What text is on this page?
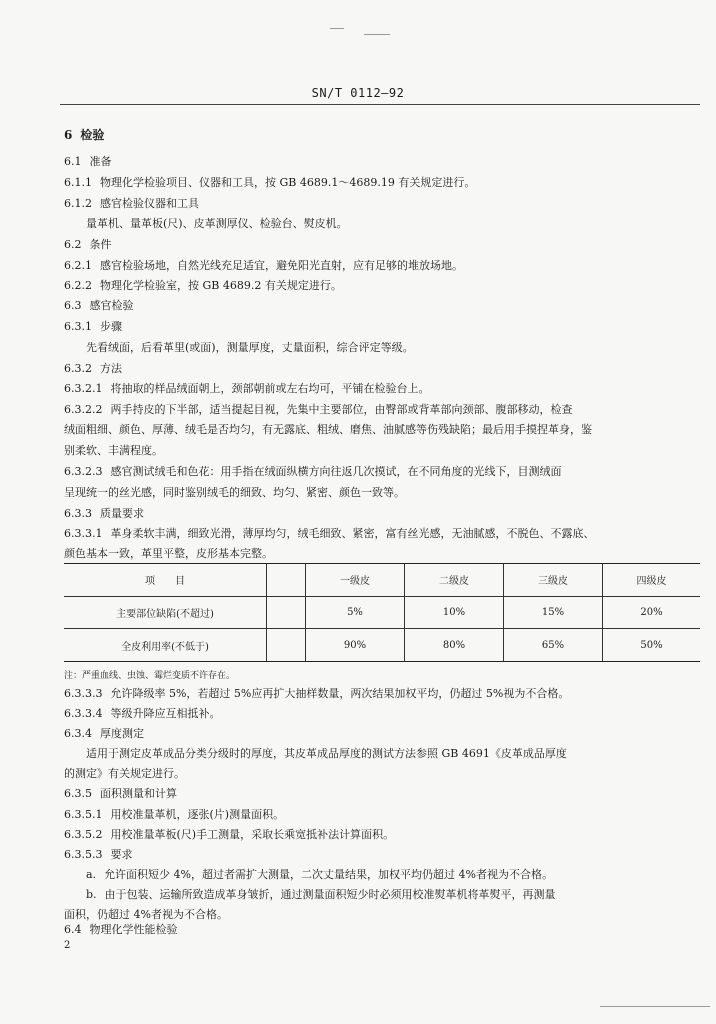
SN/T 0112—92
6 检验
6.1 准备
6.1.1 物理化学检验项目、仪器和工具，按 GB 4689.1～4689.19 有关规定进行。
6.1.2 感官检验仪器和工具
量革机、量革板(尺)、皮革测厚仪、检验台、熨皮机。
6.2 条件
6.2.1 感官检验场地，自然光线充足适宜，避免阳光直射，应有足够的堆放场地。
6.2.2 物理化学检验室，按 GB 4689.2 有关规定进行。
6.3 感官检验
6.3.1 步骤
先看绒面，后看革里(或面)，测量厚度，丈量面积，综合评定等级。
6.3.2 方法
6.3.2.1 将抽取的样品绒面朝上，颈部朝前或左右均可，平铺在检验台上。
6.3.2.2 两手持皮的下半部，适当提起目视，先集中主要部位，由臀部或背革部向颈部、腹部移动，检查
绒面粗细、颜色、厚薄、绒毛是否均匀，有无露底、粗绒、磨焦、油腻感等伤残缺陷；最后用手摸捏革身，鉴
别柔软、丰满程度。
6.3.2.3 感官测试绒毛和色花：用手指在绒面纵横方向往返几次摸试，在不同角度的光线下，目测绒面
呈现统一的丝光感，同时鉴别绒毛的细致、均匀、紧密、颜色一致等。
6.3.3 质量要求
6.3.3.1 革身柔软丰满，细致光滑，薄厚均匀，绒毛细致、紧密，富有丝光感，无油腻感，不脱色、不露底、
颜色基本一致，革里平整，皮形基本完整。
项　　目		一级皮	二级皮	三级皮	四级皮
主要部位缺陷(不超过)		5%	10%	15%	20%
全皮利用率(不低于)		90%	80%	65%	50%
注：严重血线、虫蚀、霉烂变质不许存在。
6.3.3.3 允许降级率 5%，若超过 5%应再扩大抽样数量，两次结果加权平均，仍超过 5%视为不合格。
6.3.3.4 等级升降应互相抵补。
6.3.4 厚度测定
适用于测定皮革成品分类分级时的厚度，其皮革成品厚度的测试方法参照 GB 4691《皮革成品厚度
的测定》有关规定进行。
6.3.5 面积测量和计算
6.3.5.1 用校准量革机，逐张(片)测量面积。
6.3.5.2 用校准量革板(尺)手工测量，采取长乘宽抵补法计算面积。
6.3.5.3 要求
a. 允许面积短少 4%，超过者需扩大测量，二次丈量结果，加权平均仍超过 4%者视为不合格。
b. 由于包装、运输所致造成革身皱折，通过测量面积短少时必须用校准熨革机将革熨平，再测量
面积，仍超过 4%者视为不合格。
6.4 物理化学性能检验
2
